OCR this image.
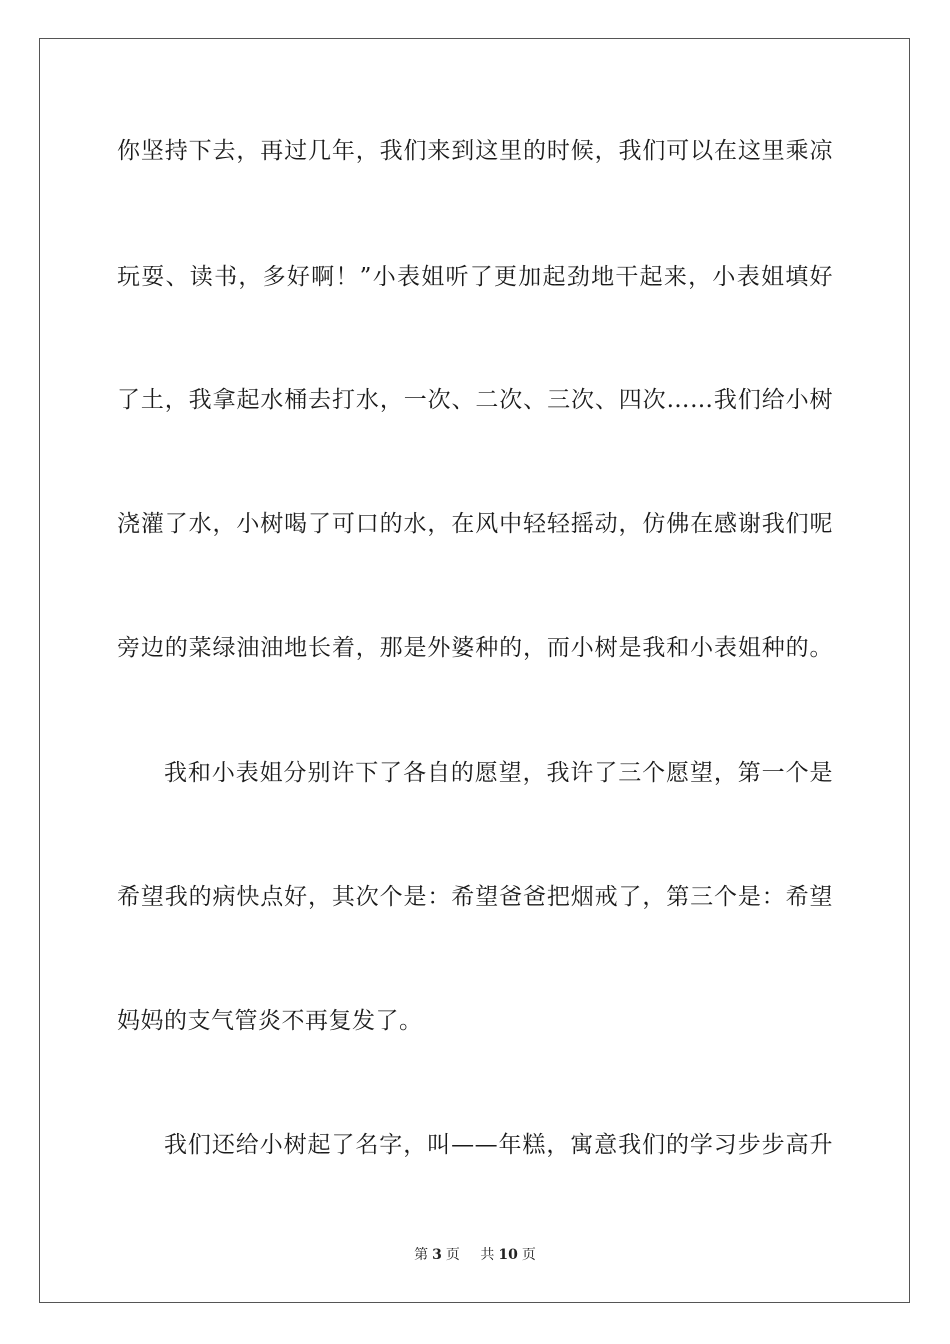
你坚持下去，再过几年，我们来到这里的时候，我们可以在这里乘凉
玩耍、读书，多好啊！”小表姐听了更加起劲地干起来，小表姐填好
了土，我拿起水桶去打水，一次、二次、三次、四次……我们给小树
浇灌了水，小树喝了可口的水，在风中轻轻摇动，仿佛在感谢我们呢
旁边的菜绿油油地长着，那是外婆种的，而小树是我和小表姐种的。
我和小表姐分别许下了各自的愿望，我许了三个愿望，第一个是
希望我的病快点好，其次个是：希望爸爸把烟戒了，第三个是：希望
妈妈的支气管炎不再复发了。
我们还给小树起了名字，叫——年糕，寓意我们的学习步步高升
第 3 页 共 10 页
